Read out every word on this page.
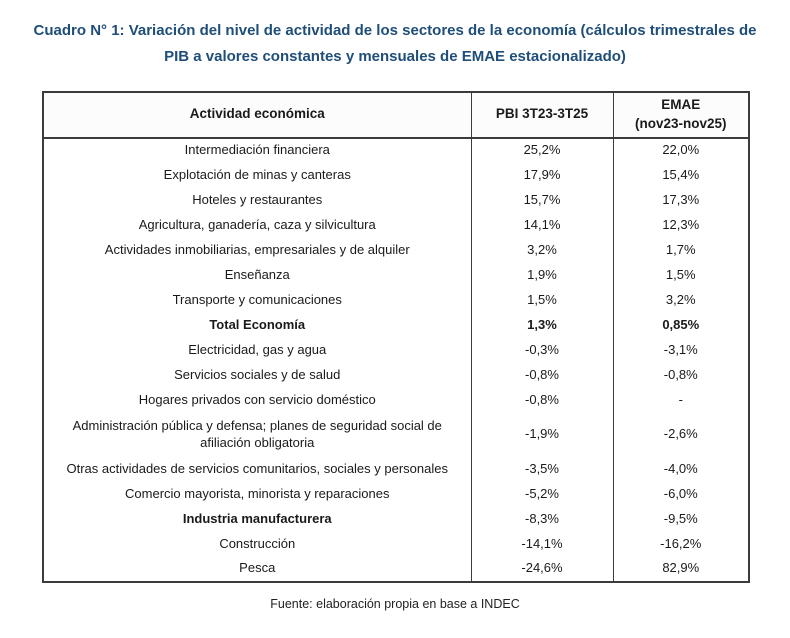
Cuadro N° 1: Variación del nivel de actividad de los sectores de la economía (cálculos trimestrales de PIB a valores constantes y mensuales de EMAE estacionalizado)
Actividad económica	PBI 3T23-3T25	EMAE
(nov23-nov25)

Intermediación financiera	25,2%	22,0%
Explotación de minas y canteras	17,9%	15,4%
Hoteles y restaurantes	15,7%	17,3%
Agricultura, ganadería, caza y silvicultura	14,1%	12,3%
Actividades inmobiliarias, empresariales y de alquiler	3,2%	1,7%
Enseñanza	1,9%	1,5%
Transporte y comunicaciones	1,5%	3,2%
Total Economía	1,3%	0,85%
Electricidad, gas y agua	-0,3%	-3,1%
Servicios sociales y de salud	-0,8%	-0,8%
Hogares privados con servicio doméstico	-0,8%	-
Administración pública y defensa; planes de seguridad social de afiliación obligatoria	-1,9%	-2,6%
Otras actividades de servicios comunitarios, sociales y personales	-3,5%	-4,0%
Comercio mayorista, minorista y reparaciones	-5,2%	-6,0%
Industria manufacturera	-8,3%	-9,5%
Construcción	-14,1%	-16,2%
Pesca	-24,6%	82,9%
Fuente: elaboración propia en base a INDEC
